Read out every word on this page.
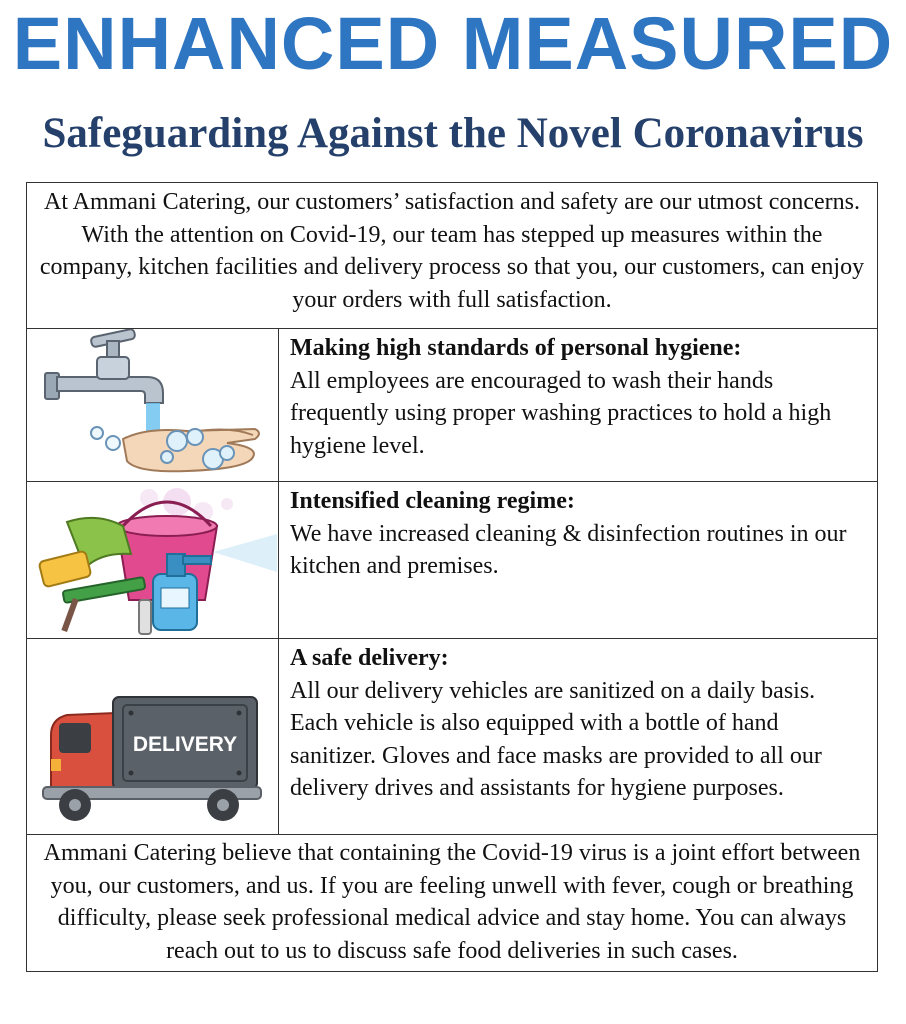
ENHANCED MEASURED
Safeguarding Against the Novel Coronavirus
At Ammani Catering, our customers’ satisfaction and safety are our utmost concerns. With the attention on Covid-19, our team has stepped up measures within the company, kitchen facilities and delivery process so that you, our customers, can enjoy your orders with full satisfaction.
Making high standards of personal hygiene:
All employees are encouraged to wash their hands frequently using proper washing practices to hold a high hygiene level.
Intensified cleaning regime:
We have increased cleaning & disinfection routines in our kitchen and premises.
DELIVERY
A safe delivery:
All our delivery vehicles are sanitized on a daily basis. Each vehicle is also equipped with a bottle of hand sanitizer. Gloves and face masks are provided to all our delivery drives and assistants for hygiene purposes.
Ammani Catering believe that containing the Covid-19 virus is a joint effort between you, our customers, and us. If you are feeling unwell with fever, cough or breathing difficulty, please seek professional medical advice and stay home. You can always reach out to us to discuss safe food deliveries in such cases.
